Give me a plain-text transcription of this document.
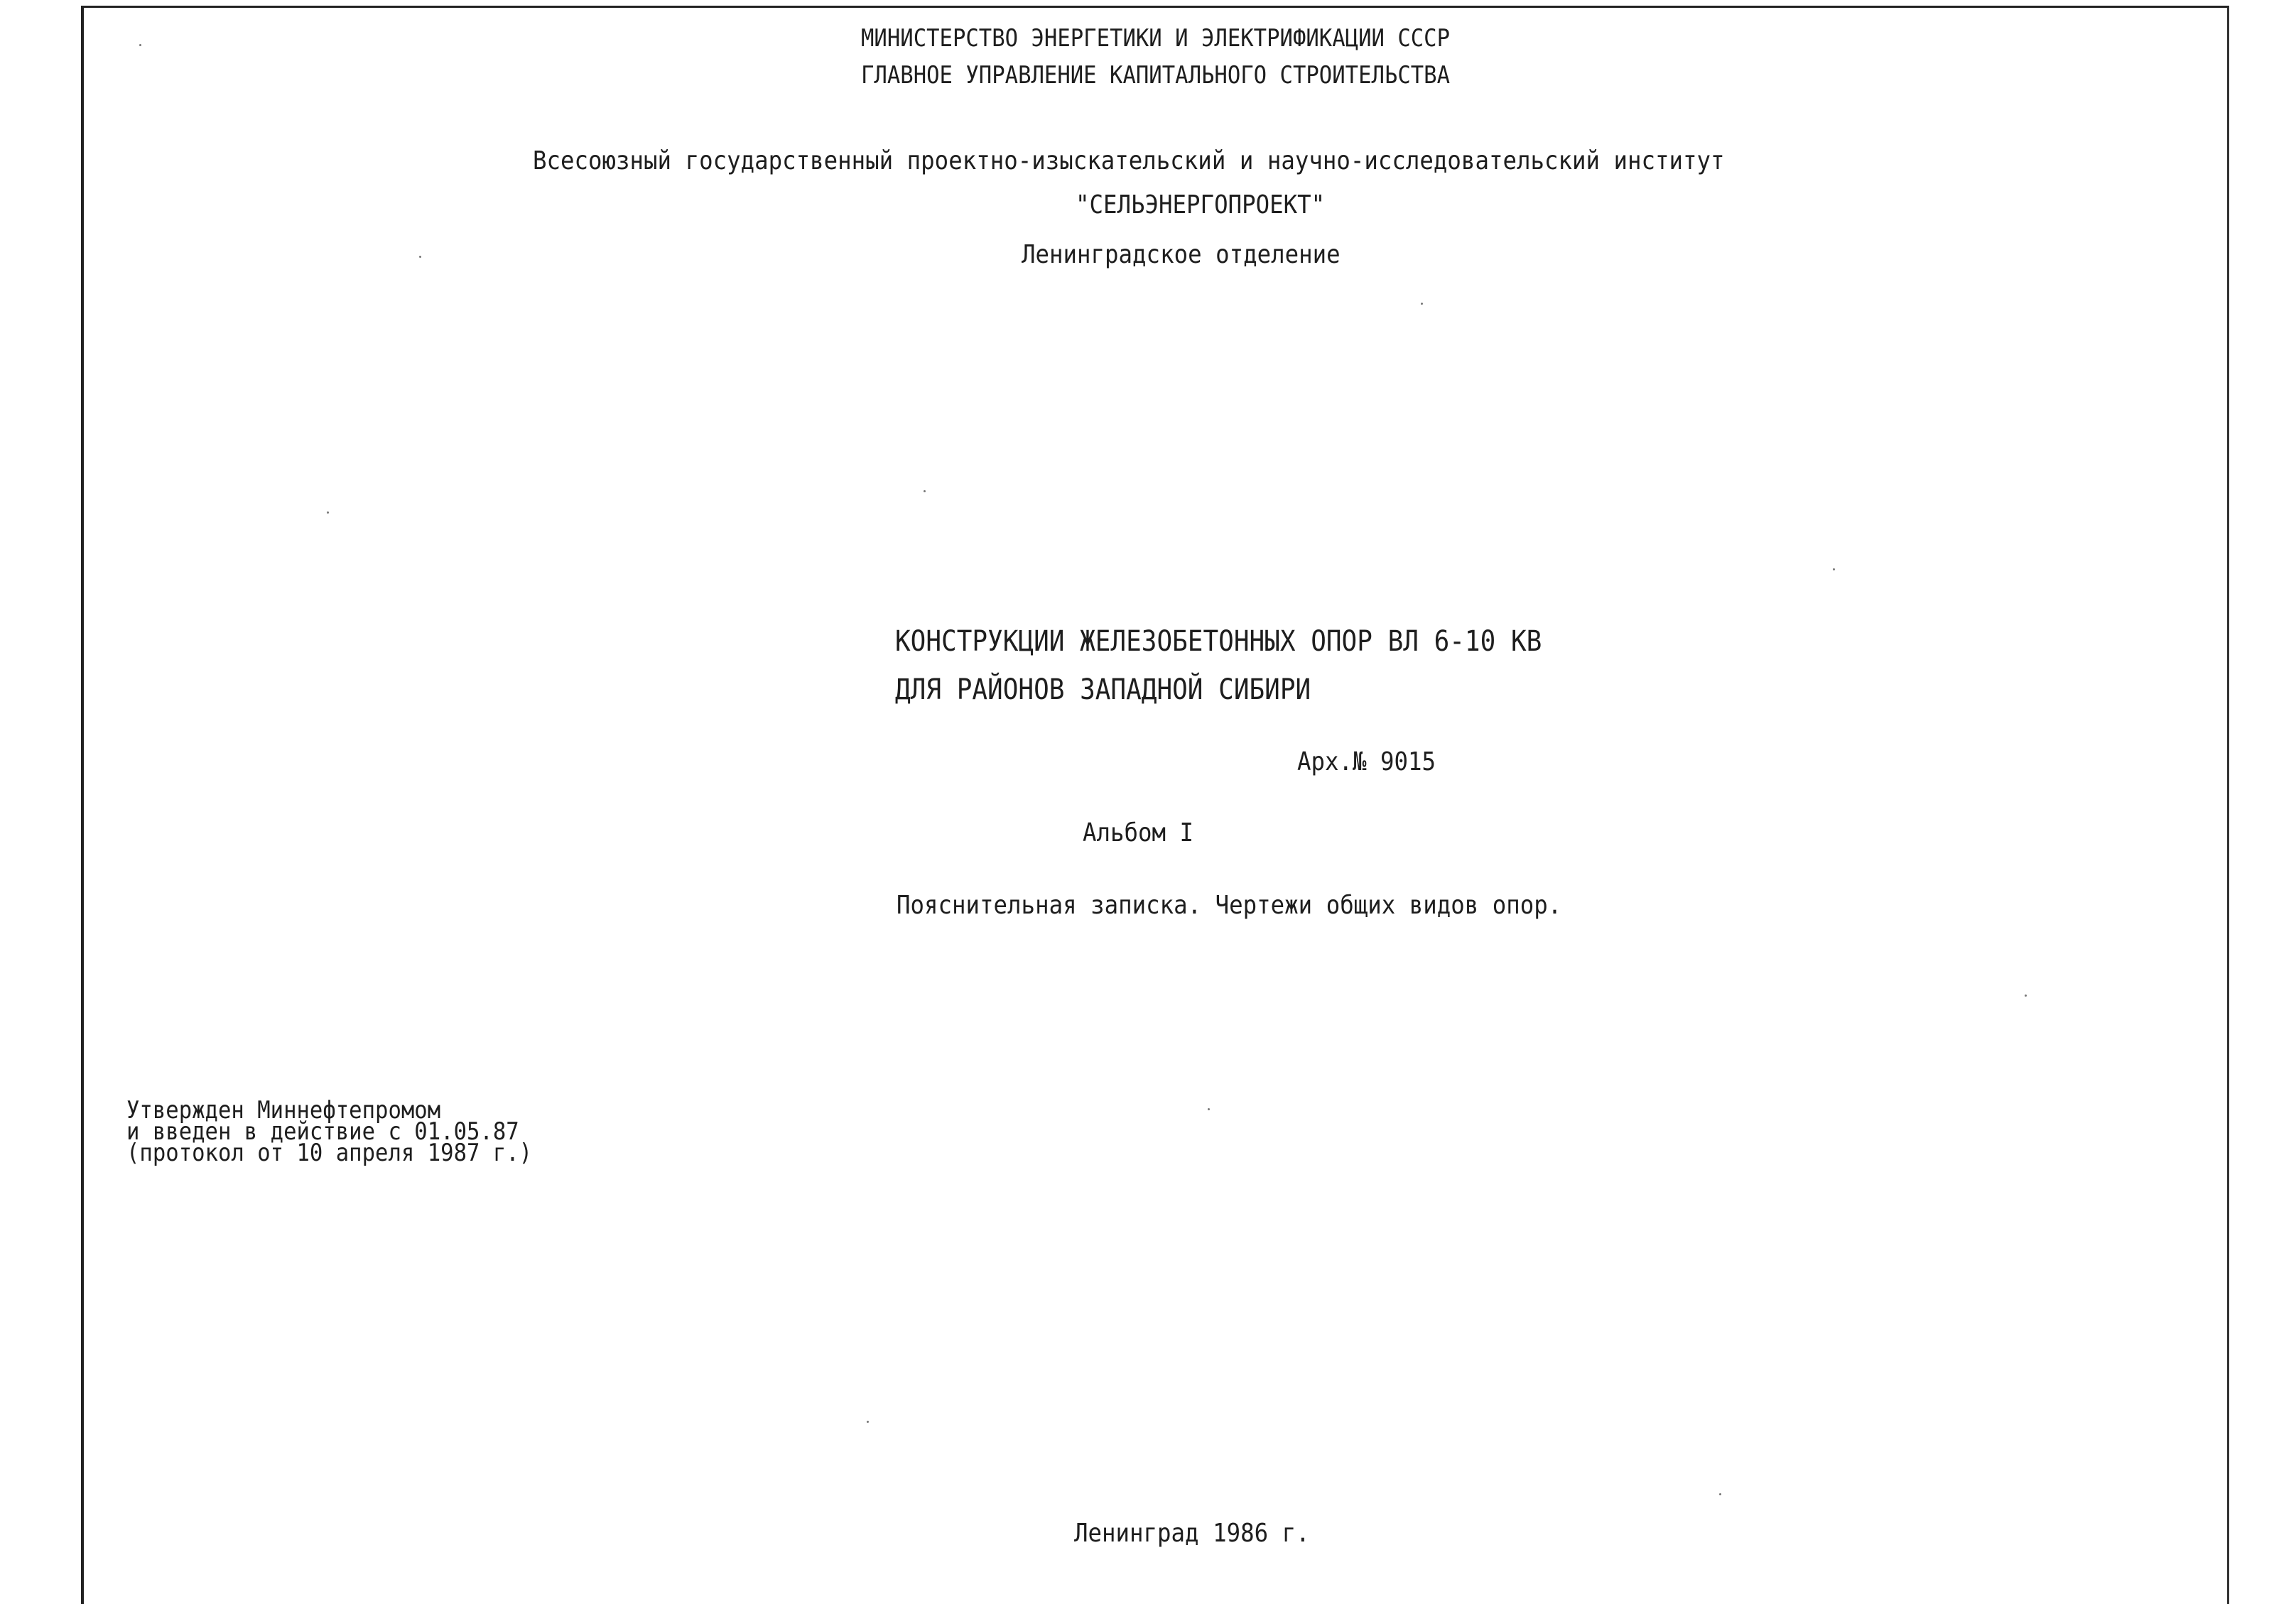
МИНИСТЕРСТВО ЭНЕРГЕТИКИ И ЭЛЕКТРИФИКАЦИИ СССР
ГЛАВНОЕ УПРАВЛЕНИЕ КАПИТАЛЬНОГО СТРОИТЕЛЬСТВА
Всесоюзный государственный проектно-изыскательский и научно-исследовательский институт
"СЕЛЬЭНЕРГОПРОЕКТ"
Ленинградское отделение
КОНСТРУКЦИИ ЖЕЛЕЗОБЕТОННЫХ ОПОР ВЛ 6-10 КВ
ДЛЯ РАЙОНОВ ЗАПАДНОЙ СИБИРИ
Арх.№ 9015
Альбом I
Пояснительная записка. Чертежи общих видов опор.
Утвержден Миннефтепромом
и введен в действие с 01.05.87
(протокол от 10 апреля 1987 г.)
Ленинград 1986 г.
